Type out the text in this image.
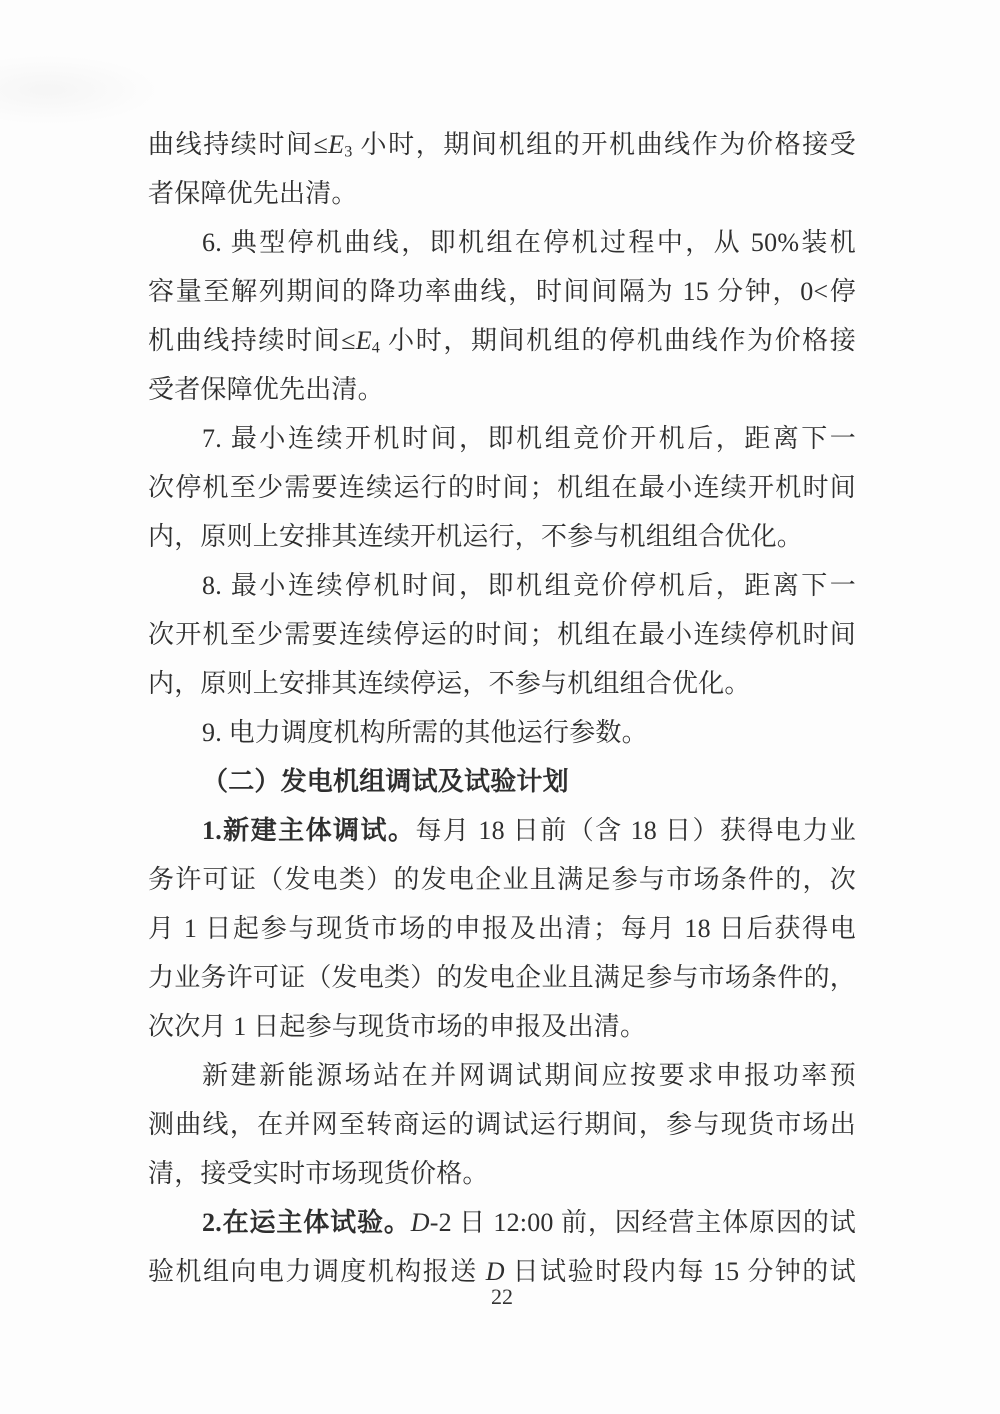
曲线持续时间$\le E_3$ 小时，期间机组的开机曲线作为价格接受
者保障优先出清。
6. 典型停机曲线，即机组在停机过程中，从 50%装机
容量至解列期间的降功率曲线，时间间隔为 15 分钟，0<停
机曲线持续时间$\le E_4$ 小时，期间机组的停机曲线作为价格接
受者保障优先出清。
7. 最小连续开机时间，即机组竞价开机后，距离下一
次停机至少需要连续运行的时间；机组在最小连续开机时间
内，原则上安排其连续开机运行，不参与机组组合优化。
8. 最小连续停机时间，即机组竞价停机后，距离下一
次开机至少需要连续停运的时间；机组在最小连续停机时间
内，原则上安排其连续停运，不参与机组组合优化。
9. 电力调度机构所需的其他运行参数。
（二）发电机组调试及试验计划
1.新建主体调试。每月 18 日前（含 18 日）获得电力业
务许可证（发电类）的发电企业且满足参与市场条件的，次
月 1 日起参与现货市场的申报及出清；每月 18 日后获得电
力业务许可证（发电类）的发电企业且满足参与市场条件的，
次次月 1 日起参与现货市场的申报及出清。
新建新能源场站在并网调试期间应按要求申报功率预
测曲线，在并网至转商运的调试运行期间，参与现货市场出
清，接受实时市场现货价格。
2.在运主体试验。D-2 日 12:00 前，因经营主体原因的试
验机组向电力调度机构报送 D 日试验时段内每 15 分钟的试
22
